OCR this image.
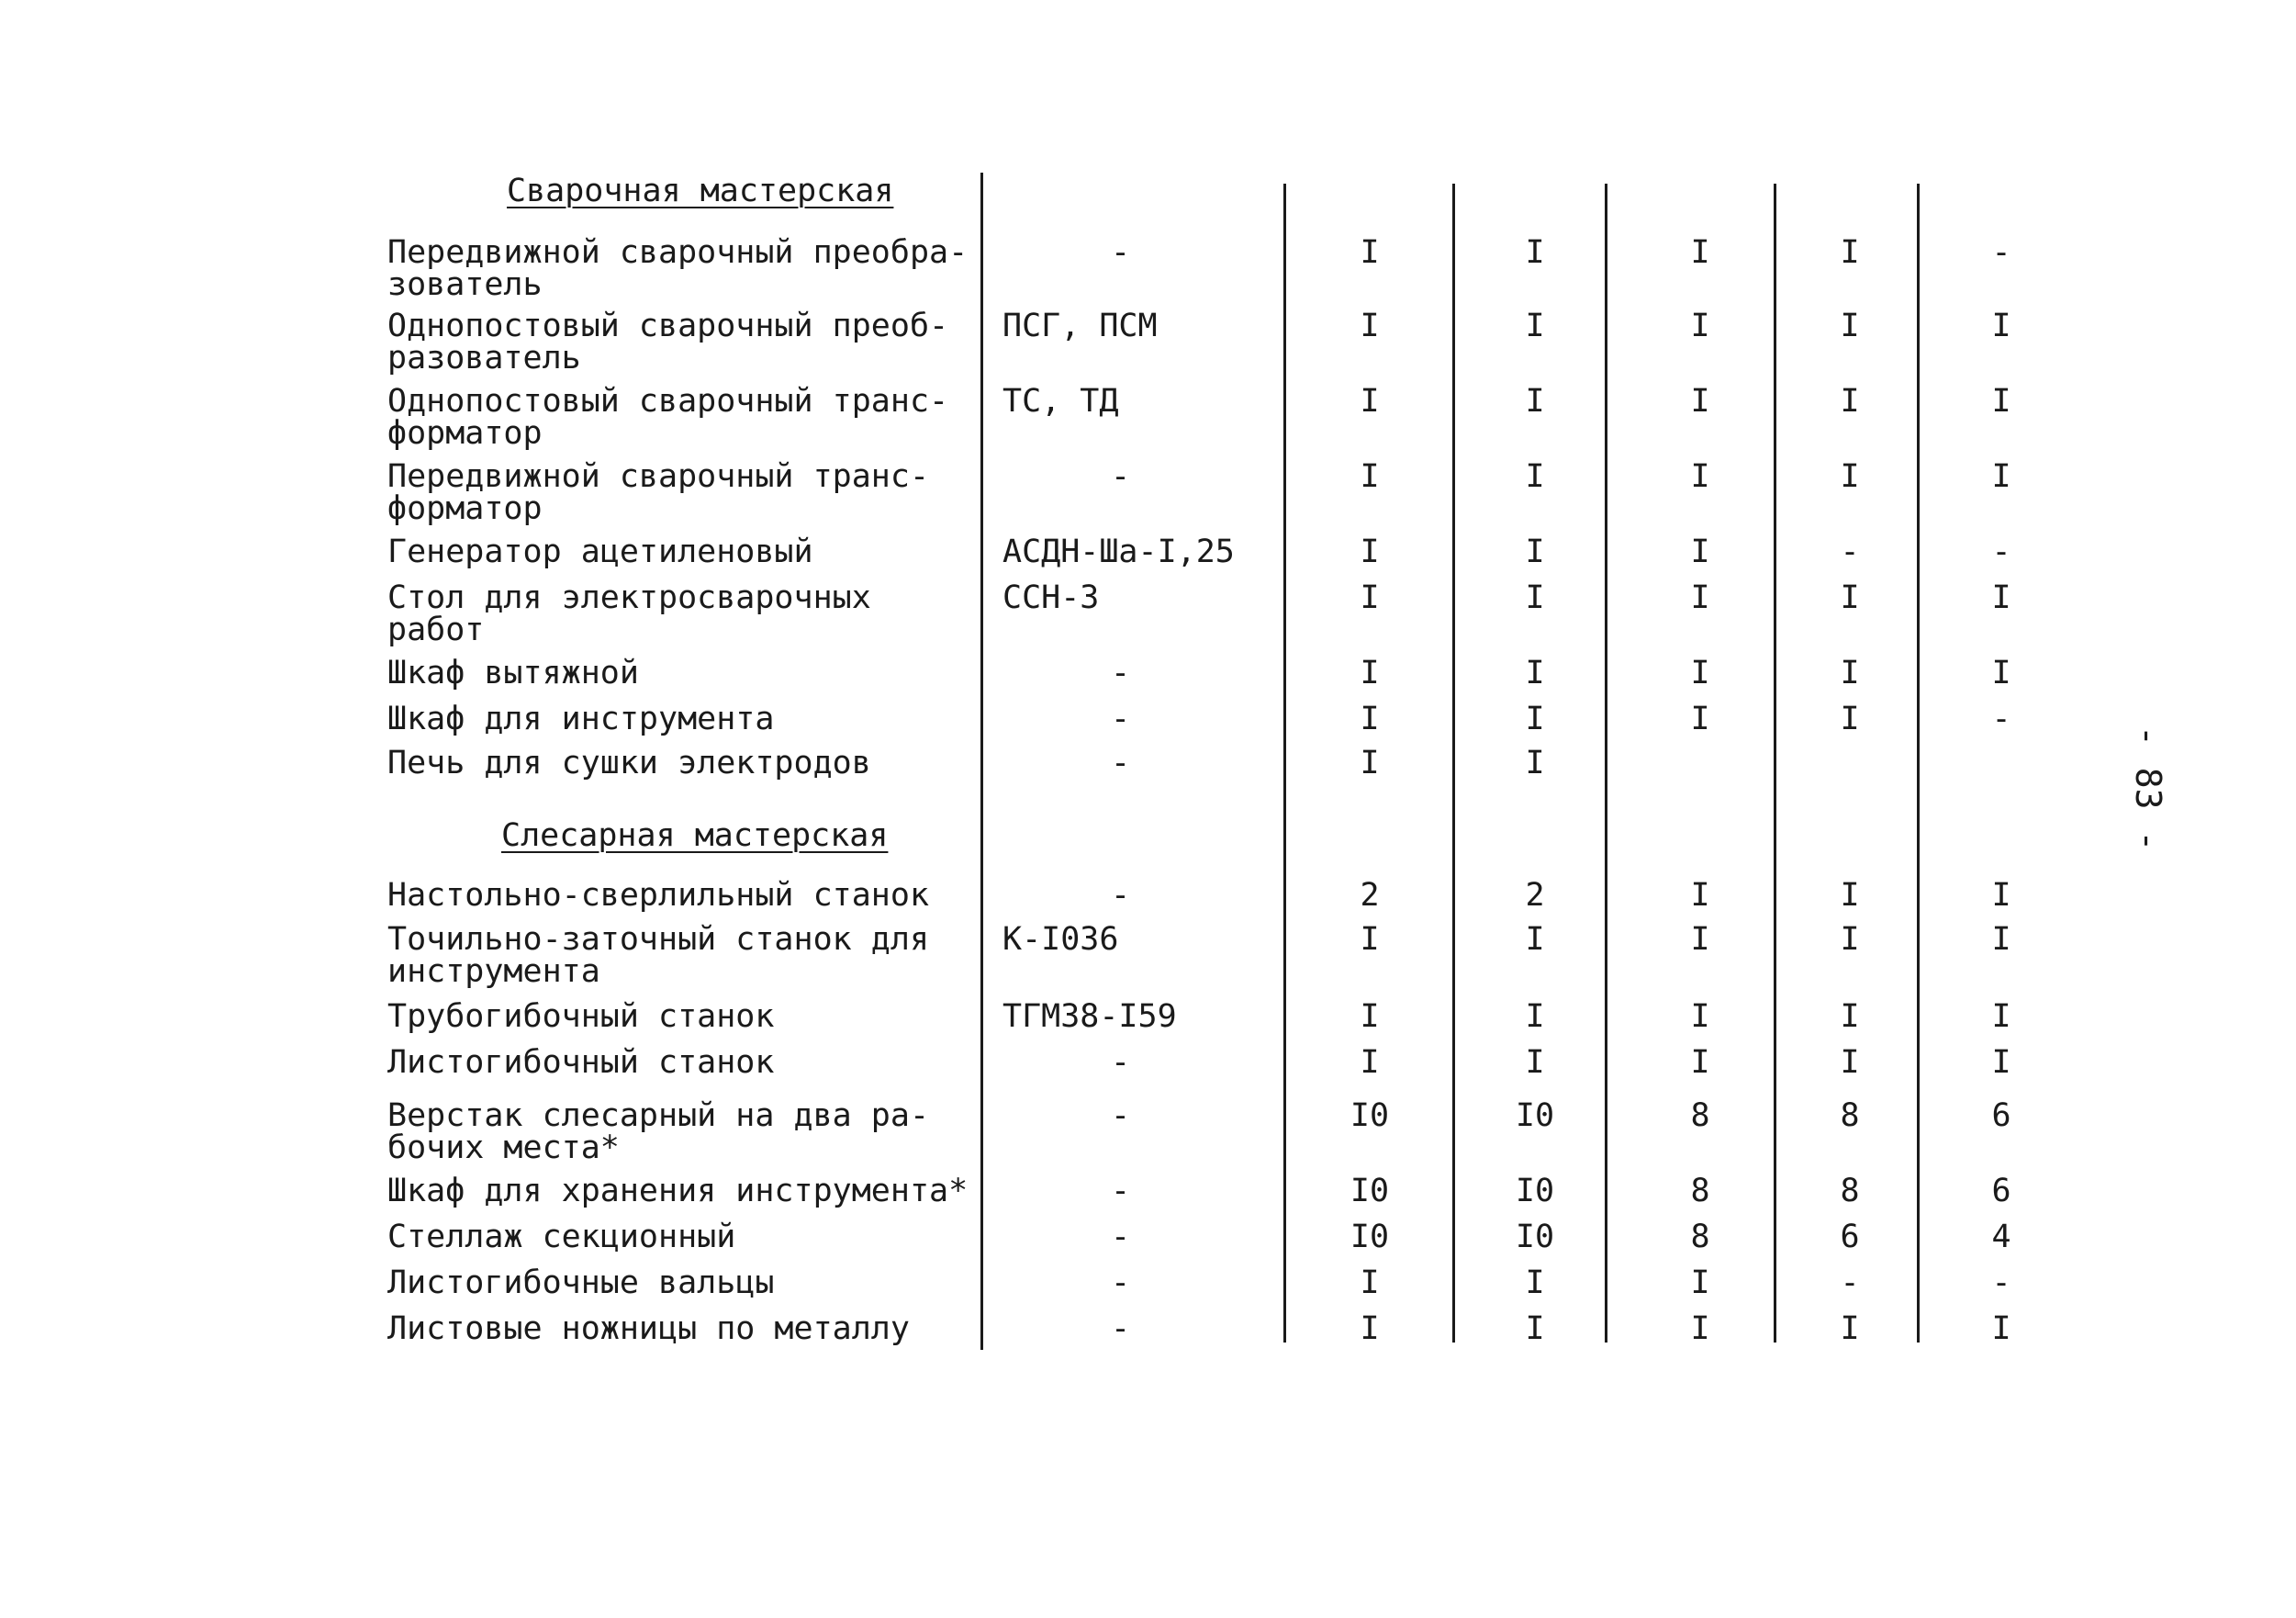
Сварочная мастерская
Передвижной сварочный преобра-
зователь
-	I	I	I	I	-
Однопостовый сварочный преоб-
разователь
ПСГ, ПСМ	I	I	I	I	I
Однопостовый сварочный транс-
форматор
ТС, ТД	I	I	I	I	I
Передвижной сварочный транс-
форматор
-	I	I	I	I	I
Генератор ацетиленовый	АСДН-Ша-I,25	I	I	I	-	-
Стол для электросварочных
работ
ССН-3	I	I	I	I	I
Шкаф вытяжной	-	I	I	I	I	I
Шкаф для инструмента	-	I	I	I	I	-
Печь для сушки электродов	-	I	I
Слесарная мастерская
Настольно-сверлильный станок	-	2	2	I	I	I
Точильно-заточный станок для
инструмента
К-I036	I	I	I	I	I
Трубогибочный станок	ТГМ38-I59	I	I	I	I	I
Листогибочный станок	-	I	I	I	I	I
Верстак слесарный на два ра-
бочих места*
-	I0	I0	8	8	6
Шкаф для хранения инструмента*	-	I0	I0	8	8	6
Стеллаж секционный	-	I0	I0	8	6	4
Листогибочные вальцы	-	I	I	I	-	-
Листовые ножницы по металлу	-	I	I	I	I	I
- 83 -
